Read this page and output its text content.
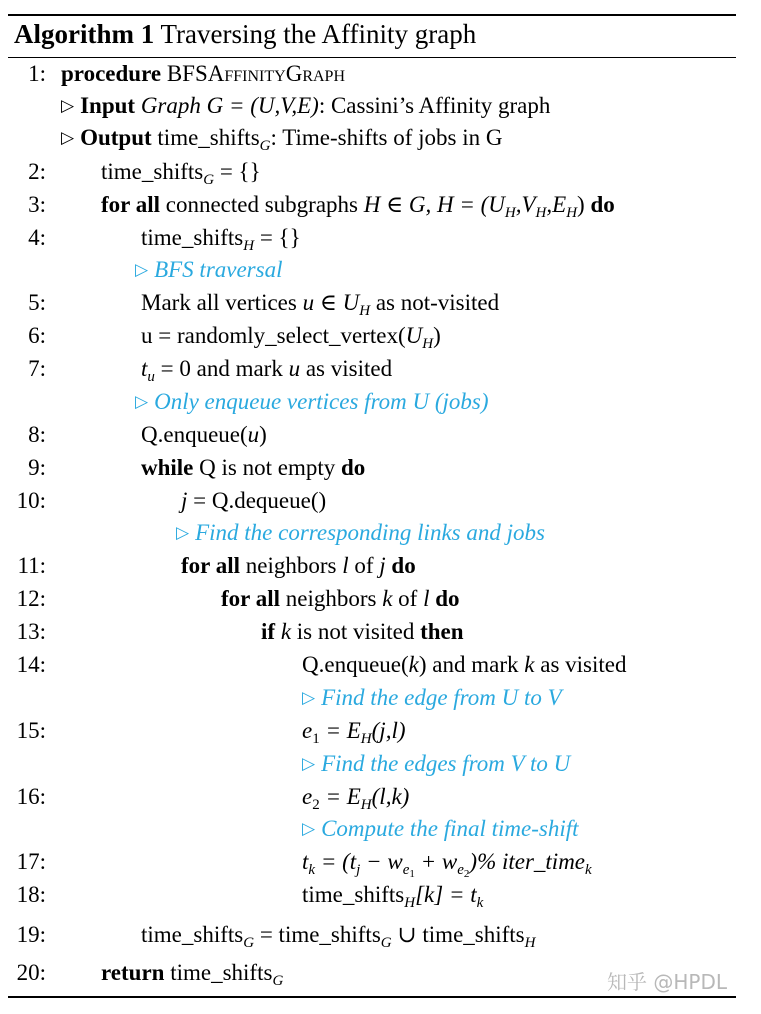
Algorithm 1 Traversing the Affinity graph
1: procedure BFSAffinityGraph
▷ Input Graph G = (U,V,E): Cassini’s Affinity graph
▷ Output time_shifts$_G$: Time-shifts of jobs in G
2: time_shifts$_G$ = {}
3: for all connected subgraphs H ∈ G, $H = (U_H,V_H,E_H)$ do
4:	time_shifts$_H$ = {}
▷ BFS traversal
5:	Mark all vertices u ∈ $U_H$ as not-visited
6:	$u = randomly\_select\_vertex(U_H)$
7:	$t_u = 0$ and mark u as visited
▷ Only enqueue vertices from U (jobs)
8:	Q.enqueue(u)
9:	while Q is not empty do
10:	j = Q.dequeue()
▷ Find the corresponding links and jobs
11:	for all neighbors l of j do
12:	for all neighbors k of l do
13:	if k is not visited then
14:	Q.enqueue(k) and mark k as visited
▷ Find the edge from U to V
15:	$e_1 = E_H(j,l)$
▷ Find the edges from V to U
16:	$e_2 = E_H(l,k)$
▷ Compute the final time-shift
17:	$t_k = (t_j - w_{e_1} + w_{e_2})\%$ iter_time$_k$
18:	time_shifts$_H$[k] = $t_k$
19:	time_shifts$_G$ = time_shifts$_G$ ∪ time_shifts$_H$
20: return time_shifts$_G$	知乎 @HPDL
